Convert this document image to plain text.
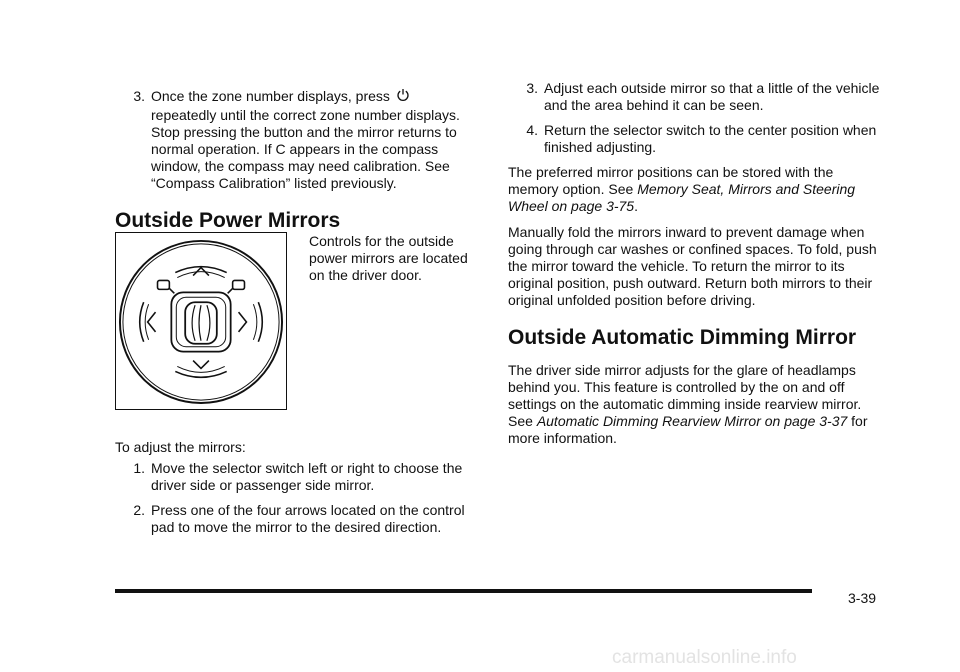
3. Once the zone number displays, press
repeatedly until the correct zone number displays. Stop pressing the button and the mirror returns to normal operation. If C appears in the compass window, the compass may need calibration. See “Compass Calibration” listed previously.
Outside Power Mirrors
Controls for the outside power mirrors are located on the driver door.

To adjust the mirrors:

1. Move the selector switch left or right to choose the driver side or passenger side mirror.
2. Press one of the four arrows located on the control pad to move the mirror to the desired direction.
3. Adjust each outside mirror so that a little of the vehicle and the area behind it can be seen.
4. Return the selector switch to the center position when finished adjusting.

The preferred mirror positions can be stored with the memory option. See Memory Seat, Mirrors and Steering Wheel on page 3-75.

Manually fold the mirrors inward to prevent damage when going through car washes or confined spaces. To fold, push the mirror toward the vehicle. To return the mirror to its original position, push outward. Return both mirrors to their original unfolded position before driving.

Outside Automatic Dimming Mirror

The driver side mirror adjusts for the glare of headlamps behind you. This feature is controlled by the on and off settings on the automatic dimming inside rearview mirror. See Automatic Dimming Rearview Mirror on page 3-37 for more information.

3-39
carmanualsonline.info
